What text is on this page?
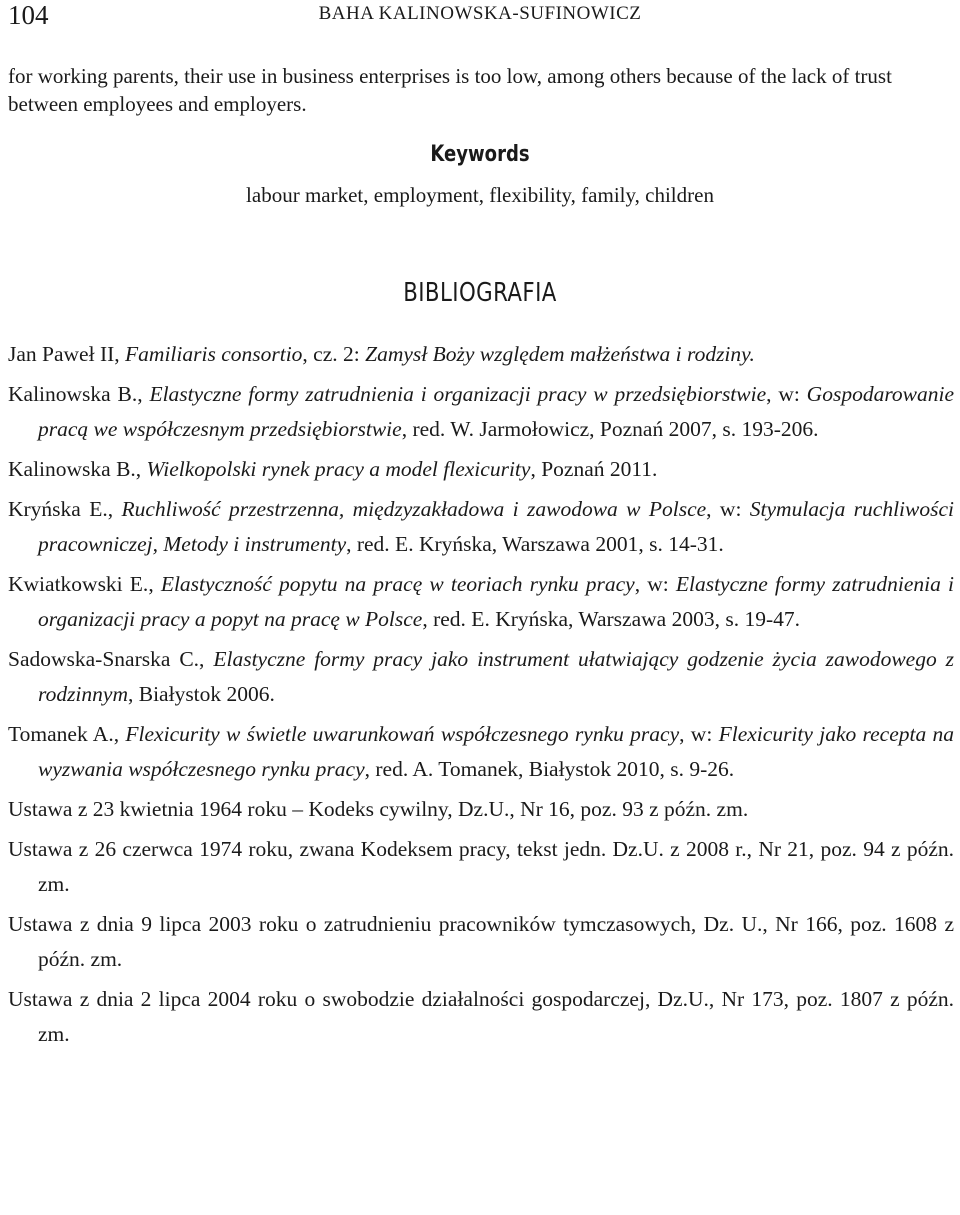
104	BAHA KALINOWSKA-SUFINOWICZ
for working parents, their use in business enterprises is too low, among others because of the lack of trust between employees and employers.
Keywords
labour market, employment, flexibility, family, children
BIBLIOGRAFIA

Jan Paweł II, Familiaris consortio, cz. 2: Zamysł Boży względem małżeństwa i rodziny.

Kalinowska B., Elastyczne formy zatrudnienia i organizacji pracy w przedsiębiorstwie, w: Gospodarowanie pracą we współczesnym przedsiębiorstwie, red. W. Jarmołowicz, Poznań 2007, s. 193-206.

Kalinowska B., Wielkopolski rynek pracy a model flexicurity, Poznań 2011.

Kryńska E., Ruchliwość przestrzenna, międzyzakładowa i zawodowa w Polsce, w: Stymulacja ruchliwości pracowniczej, Metody i instrumenty, red. E. Kryńska, Warszawa 2001, s. 14-31.

Kwiatkowski E., Elastyczność popytu na pracę w teoriach rynku pracy, w: Elastyczne formy zatrudnienia i organizacji pracy a popyt na pracę w Polsce, red. E. Kryńska, Warszawa 2003, s. 19-47.

Sadowska-Snarska C., Elastyczne formy pracy jako instrument ułatwiający godzenie życia zawodowego z rodzinnym, Białystok 2006.

Tomanek A., Flexicurity w świetle uwarunkowań współczesnego rynku pracy, w: Flexicurity jako recepta na wyzwania współczesnego rynku pracy, red. A. Tomanek, Białystok 2010, s. 9-26.

Ustawa z 23 kwietnia 1964 roku – Kodeks cywilny, Dz.U., Nr 16, poz. 93 z późn. zm.

Ustawa z 26 czerwca 1974 roku, zwana Kodeksem pracy, tekst jedn. Dz.U. z 2008 r., Nr 21, poz. 94 z późn. zm.

Ustawa z dnia 9 lipca 2003 roku o zatrudnieniu pracowników tymczasowych, Dz. U., Nr 166, poz. 1608 z późn. zm.

Ustawa z dnia 2 lipca 2004 roku o swobodzie działalności gospodarczej, Dz.U., Nr 173, poz. 1807 z późn. zm.
